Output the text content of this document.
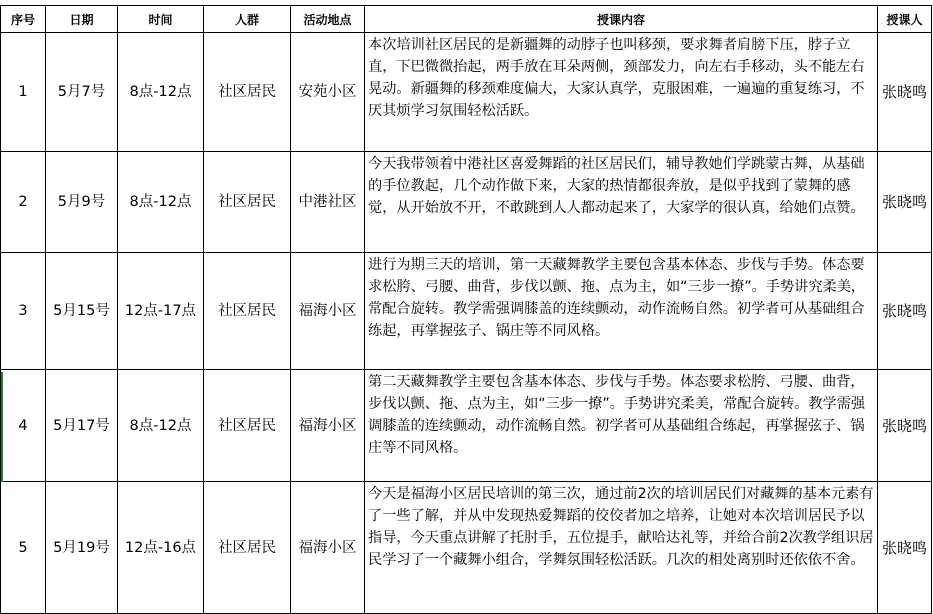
序号	日期	时间	人群	活动地点	授课内容	授课人
1	5月7号	8点-12点	社区居民	安苑小区	本次培训社区居民的是新疆舞的动脖子也叫移颈，要求舞者肩膀下压，脖子立直，下巴微微抬起，两手放在耳朵两侧，颈部发力，向左右手移动，头不能左右晃动。新疆舞的移颈难度偏大，大家认真学，克服困难，一遍遍的重复练习，不厌其烦学习氛围轻松活跃。	张晓鸣
2	5月9号	8点-12点	社区居民	中港社区	今天我带领着中港社区喜爱舞蹈的社区居民们，辅导教她们学跳蒙古舞，从基础的手位教起，几个动作做下来，大家的热情都很奔放，是似乎找到了蒙舞的感觉，从开始放不开，不敢跳到人人都动起来了，大家学的很认真，给她们点赞。	张晓鸣
3	5月15号	12点-17点	社区居民	福海小区	进行为期三天的培训，第一天藏舞教学主要包含基本体态、步伐与手势。体态要求松胯、弓腰、曲背，步伐以颤、拖、点为主，如“三步一撩”。手势讲究柔美，常配合旋转。教学需强调膝盖的连续颤动，动作流畅自然。初学者可从基础组合练起，再掌握弦子、锅庄等不同风格。	张晓鸣
4	5月17号	8点-12点	社区居民	福海小区	第二天藏舞教学主要包含基本体态、步伐与手势。体态要求松胯、弓腰、曲背，步伐以颤、拖、点为主，如“三步一撩”。手势讲究柔美，常配合旋转。教学需强调膝盖的连续颤动，动作流畅自然。初学者可从基础组合练起，再掌握弦子、锅庄等不同风格。	张晓鸣
5	5月19号	12点-16点	社区居民	福海小区	今天是福海小区居民培训的第三次，通过前2次的培训居民们对藏舞的基本元素有了一些了解，并从中发现热爱舞蹈的佼佼者加之培养，让她对本次培训居民予以指导，今天重点讲解了托肘手，五位提手，献哈达礼等，并给合前2次教学组识居民学习了一个藏舞小组合，学舞氛围轻松活跃。几次的相处离别时还依依不舍。	张晓鸣
